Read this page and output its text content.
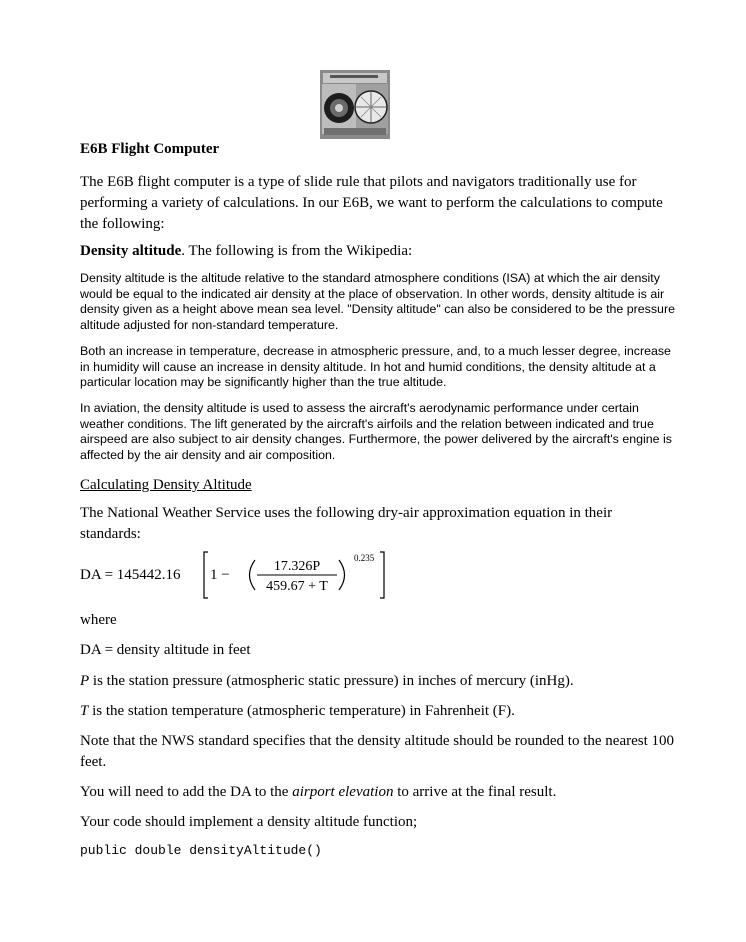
E6B Flight Computer
The E6B flight computer is a type of slide rule that pilots and navigators traditionally use for performing a variety of calculations. In our E6B, we want to perform the calculations to compute the following:
Density altitude. The following is from the Wikipedia:
Density altitude is the altitude relative to the standard atmosphere conditions (ISA) at which the air density would be equal to the indicated air density at the place of observation. In other words, density altitude is air density given as a height above mean sea level. "Density altitude" can also be considered to be the pressure altitude adjusted for non-standard temperature.
Both an increase in temperature, decrease in atmospheric pressure, and, to a much lesser degree, increase in humidity will cause an increase in density altitude. In hot and humid conditions, the density altitude at a particular location may be significantly higher than the true altitude.
In aviation, the density altitude is used to assess the aircraft's aerodynamic performance under certain weather conditions. The lift generated by the aircraft's airfoils and the relation between indicated and true airspeed are also subject to air density changes. Furthermore, the power delivered by the aircraft's engine is affected by the air density and air composition.
Calculating Density Altitude
The National Weather Service uses the following dry-air approximation equation in their standards:
DA = 145442.16 1 −
17.326P
459.67 + T
0.235
where
DA = density altitude in feet
P is the station pressure (atmospheric static pressure) in inches of mercury (inHg).
T is the station temperature (atmospheric temperature) in Fahrenheit (F).
Note that the NWS standard specifies that the density altitude should be rounded to the nearest 100 feet.
You will need to add the DA to the airport elevation to arrive at the final result.
Your code should implement a density altitude function;
public double densityAltitude()
